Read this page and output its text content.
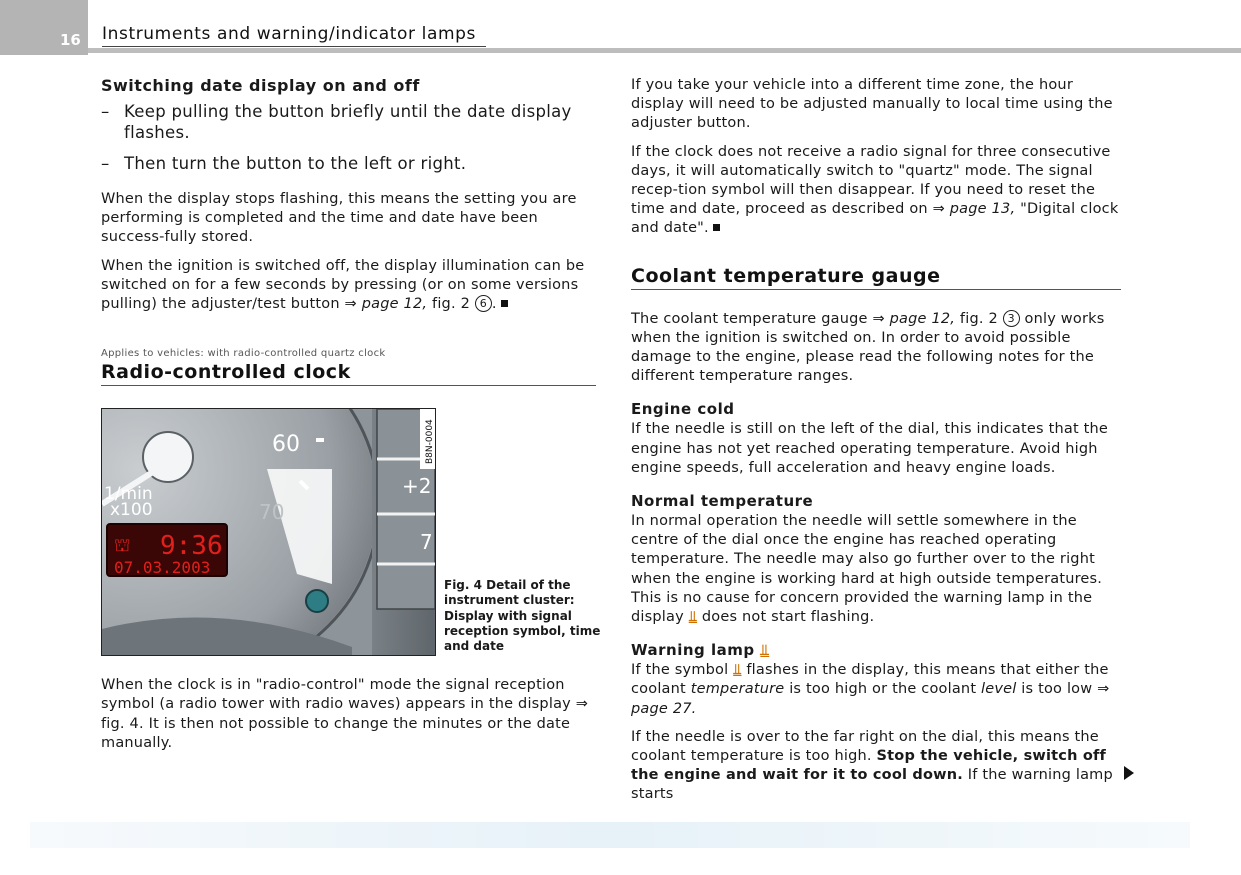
16 Instruments and warning/indicator lamps
Switching date display on and off
– Keep pulling the button briefly until the date display flashes.
– Then turn the button to the left or right.

When the display stops flashing, this means the setting you are performing is completed and the time and date have been success-fully stored.

When the ignition is switched off, the display illumination can be switched on for a few seconds by pressing (or on some versions pulling) the adjuster/test button ⇒ page 12, fig. 2 6 .

Applies to vehicles: with radio-controlled quartz clock
Radio-controlled clock
B8N-0004
60
70
+2
7
1/min
x100
⛫ 9:36
07.03.2003
Fig. 4 Detail of the instrument cluster: Display with signal reception symbol, time and date

When the clock is in "radio-control" mode the signal reception symbol (a radio tower with radio waves) appears in the display ⇒ fig. 4. It is then not possible to change the minutes or the date manually.

If you take your vehicle into a different time zone, the hour display will need to be adjusted manually to local time using the adjuster button.

If the clock does not receive a radio signal for three consecutive days, it will automatically switch to "quartz" mode. The signal recep-tion symbol will then disappear. If you need to reset the time and date, proceed as described on ⇒ page 13, "Digital clock and date".

Coolant temperature gauge

The coolant temperature gauge ⇒ page 12, fig. 2 3 only works when the ignition is switched on. In order to avoid possible damage to the engine, please read the following notes for the different temperature ranges.

Engine cold

If the needle is still on the left of the dial, this indicates that the engine has not yet reached operating temperature. Avoid high engine speeds, full acceleration and heavy engine loads.

Normal temperature

In normal operation the needle will settle somewhere in the centre of the dial once the engine has reached operating temperature. The needle may also go further over to the right when the engine is working hard at high outside temperatures. This is no cause for concern provided the warning lamp in the display ⫫ does not start flashing.

Warning lamp ⫫

If the symbol ⫫ flashes in the display, this means that either the coolant temperature is too high or the coolant level is too low ⇒ page 27.

If the needle is over to the far right on the dial, this means the coolant temperature is too high. Stop the vehicle, switch off the engine and wait for it to cool down. If the warning lamp starts
